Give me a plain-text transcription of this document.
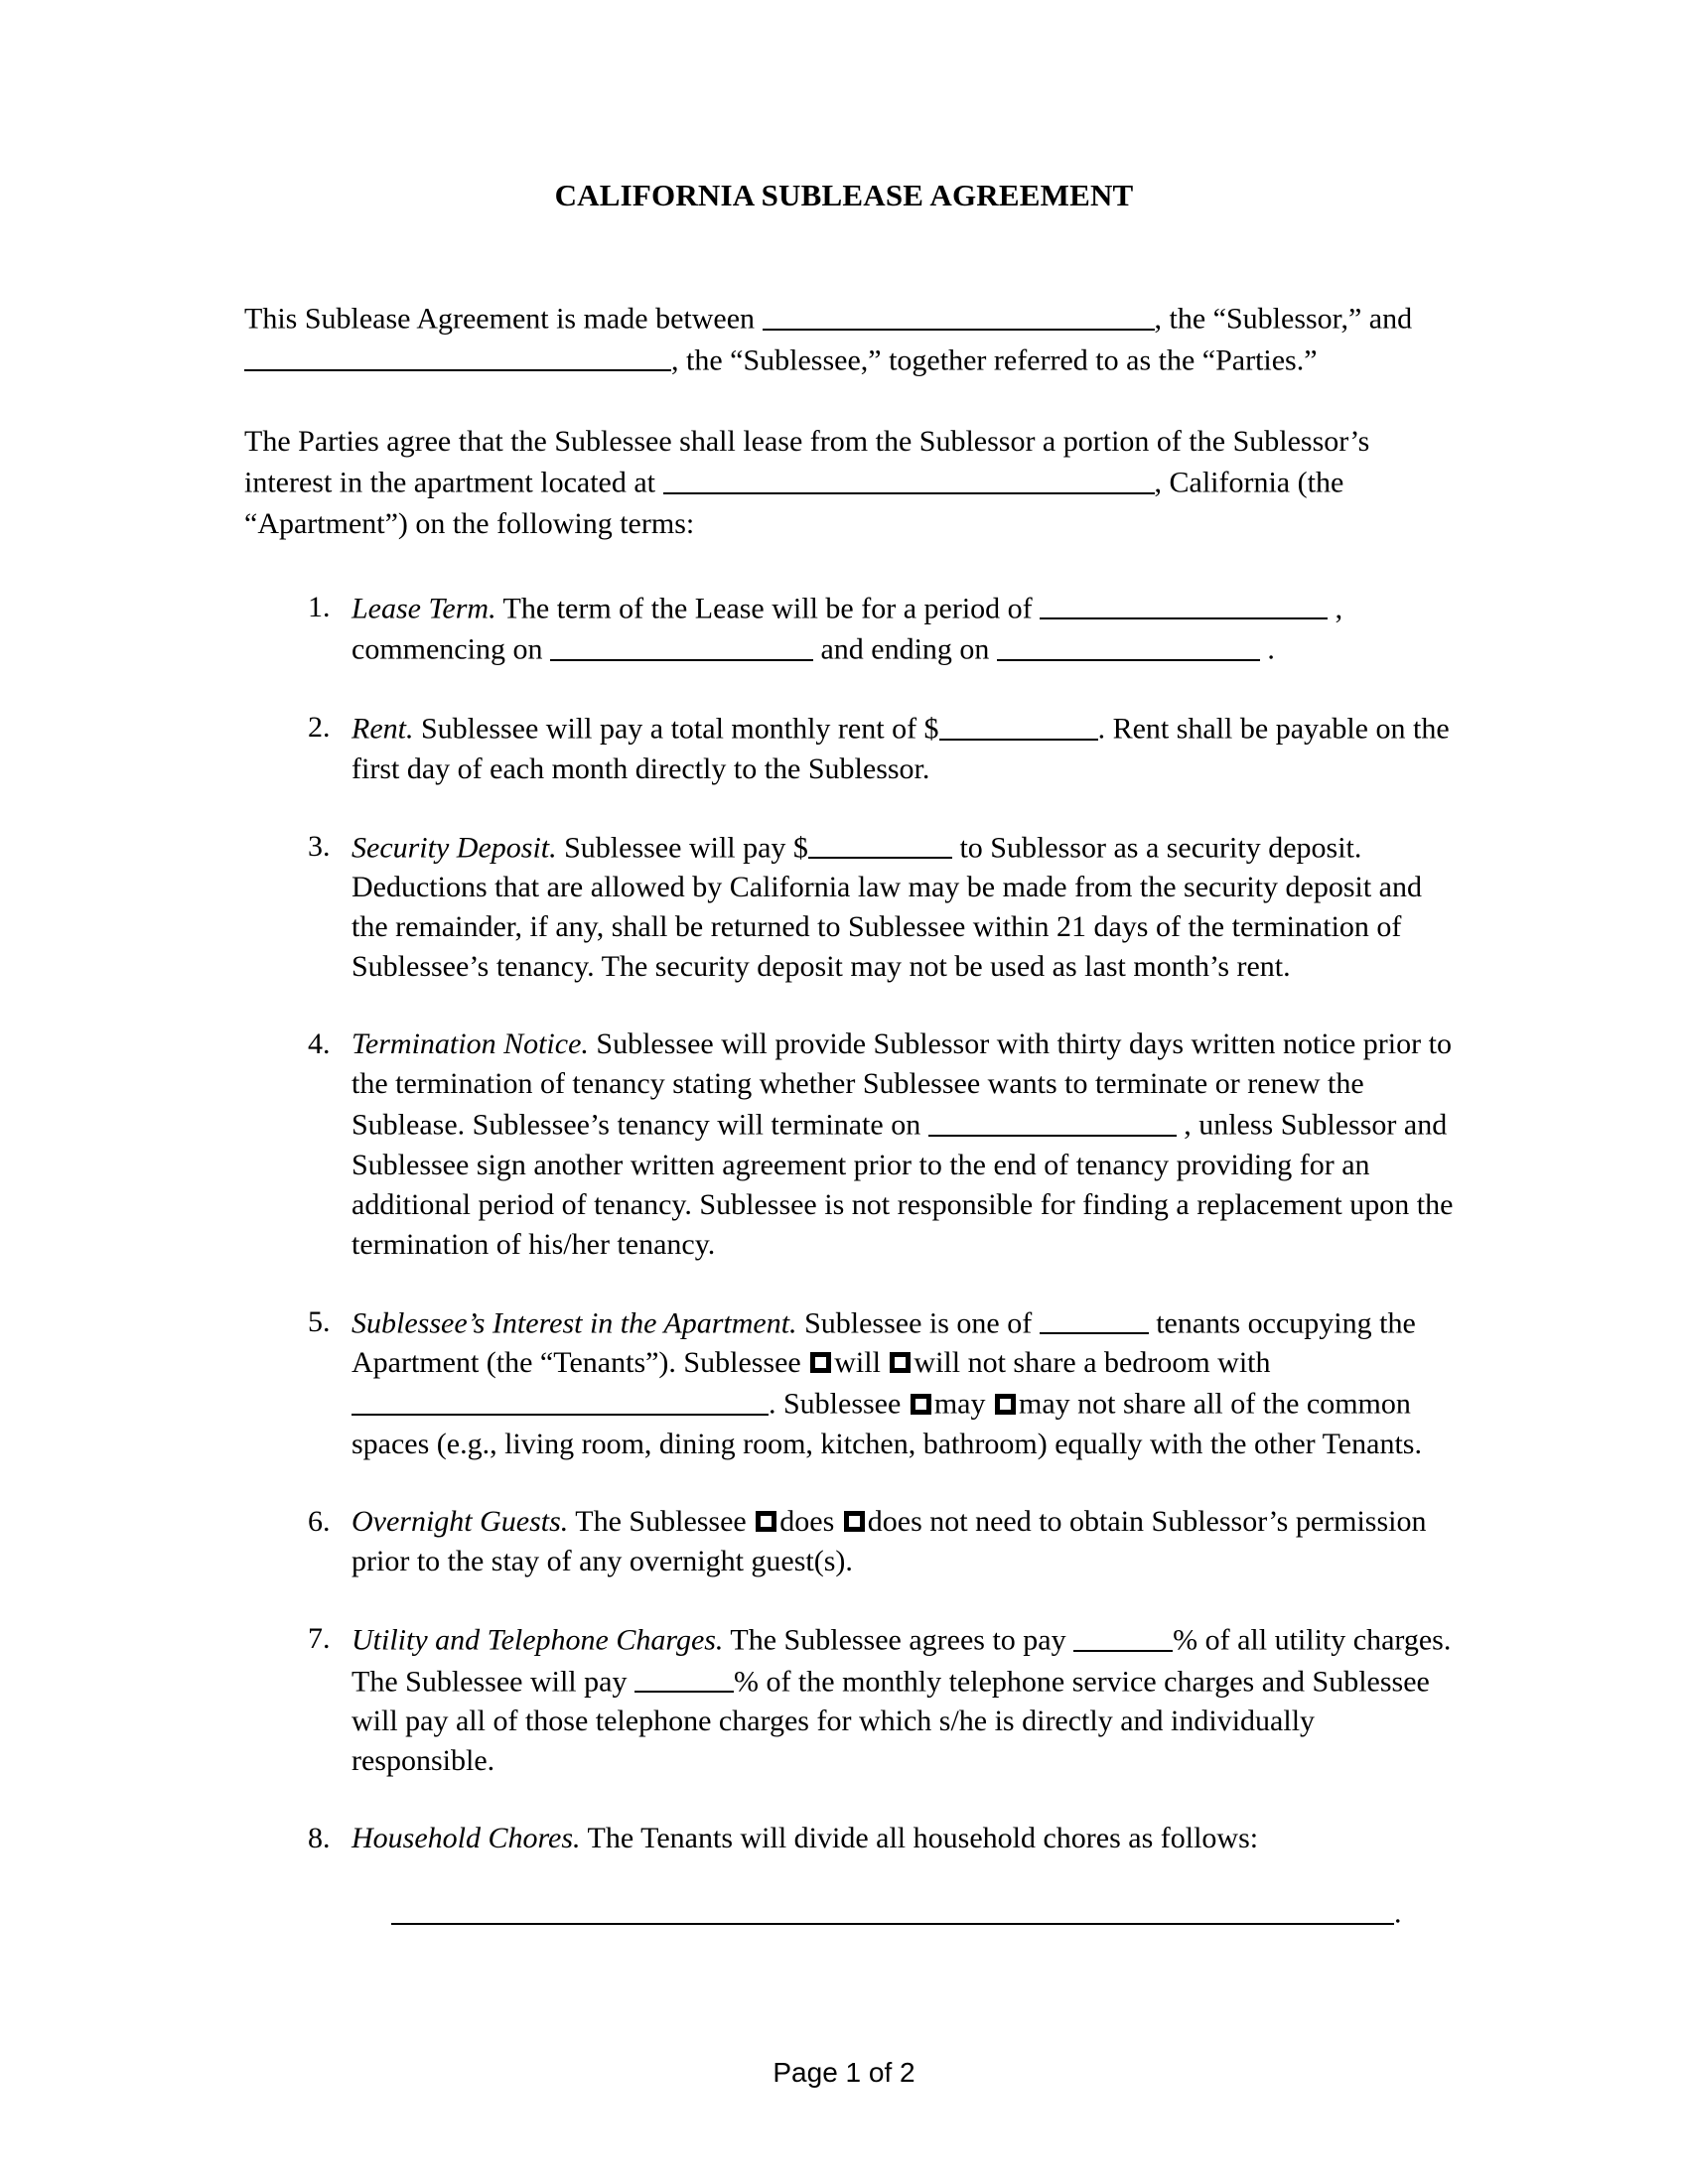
CALIFORNIA SUBLEASE AGREEMENT

This Sublease Agreement is made between	, the “Sublessor,” and , the “Sublessee,” together referred to as the “Parties.”

The Parties agree that the Sublessee shall lease from the Sublessor a portion of the Sublessor’s interest in the apartment located at	, California (the “Apartment”) on the following terms:

Lease Term. The term of the Lease will be for a period of	, commencing on	and ending on	.
Rent. Sublessee will pay a total monthly rent of $	. Rent shall be payable on the first day of each month directly to the Sublessor.
Security Deposit. Sublessee will pay $	to Sublessor as a security deposit. Deductions that are allowed by California law may be made from the security deposit and the remainder, if any, shall be returned to Sublessee within 21 days of the termination of Sublessee’s tenancy. The security deposit may not be used as last month’s rent.
Termination Notice. Sublessee will provide Sublessor with thirty days written notice prior to the termination of tenancy stating whether Sublessee wants to terminate or renew the Sublease. Sublessee’s tenancy will terminate on	, unless Sublessor and Sublessee sign another written agreement prior to the end of tenancy providing for an additional period of tenancy. Sublessee is not responsible for finding a replacement upon the termination of his/her tenancy.
Sublessee’s Interest in the Apartment. Sublessee is one of	tenants occupying the Apartment (the “Tenants”). Sublessee will will not share a bedroom with . Sublessee may may not share all of the common spaces (e.g., living room, dining room, kitchen, bathroom) equally with the other Tenants.
Overnight Guests. The Sublessee does does not need to obtain Sublessor’s permission prior to the stay of any overnight guest(s).
Utility and Telephone Charges. The Sublessee agrees to pay	% of all utility charges. The Sublessee will pay	% of the monthly telephone service charges and Sublessee will pay all of those telephone charges for which s/he is directly and individually responsible.
Household Chores. The Tenants will divide all household chores as follows:
.
Page 1 of 2
